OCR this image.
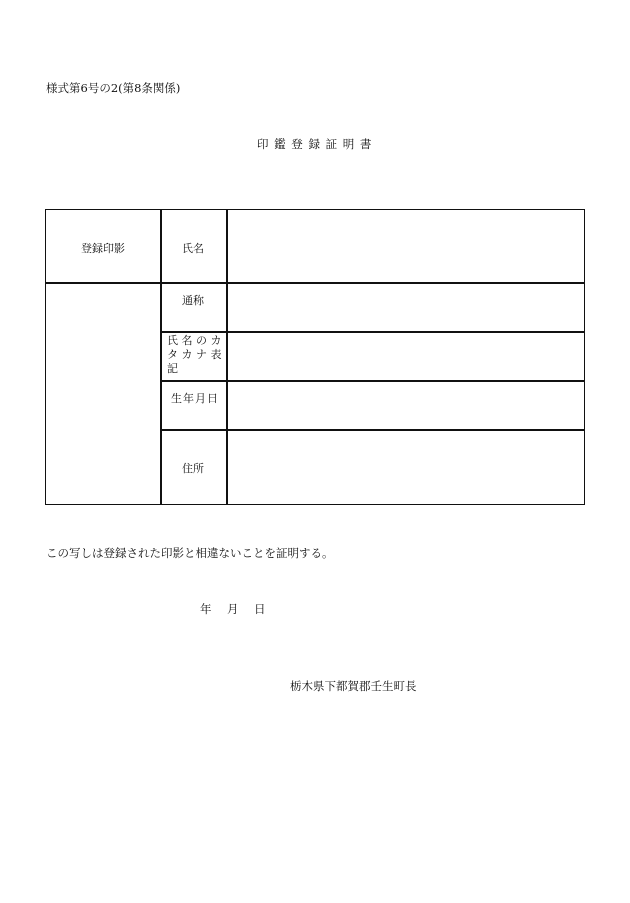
様式第6号の2(第8条関係)
印 鑑 登 録 証 明 書
登録印影	氏名
通称
氏 名 の カ タ カ ナ 表 記
生年月日
住所
この写しは登録された印影と相違ないことを証明する。
年　月　日
栃木県下都賀郡壬生町長
